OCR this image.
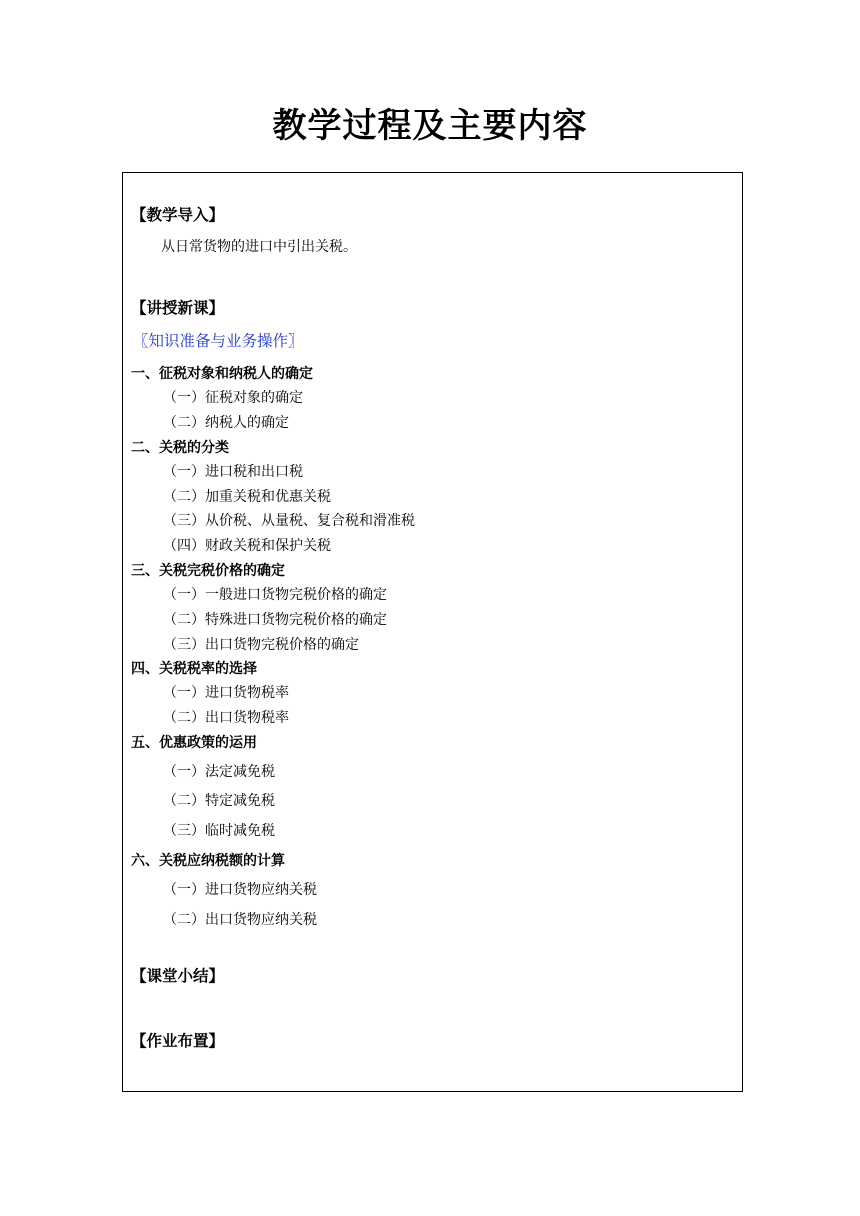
教学过程及主要内容
【教学导入】
从日常货物的进口中引出关税。
【讲授新课】
〖知识准备与业务操作〗
一、征税对象和纳税人的确定
（一）征税对象的确定
（二）纳税人的确定
二、关税的分类
（一）进口税和出口税
（二）加重关税和优惠关税
（三）从价税、从量税、复合税和滑准税
（四）财政关税和保护关税
三、关税完税价格的确定
（一）一般进口货物完税价格的确定
（二）特殊进口货物完税价格的确定
（三）出口货物完税价格的确定
四、关税税率的选择
（一）进口货物税率
（二）出口货物税率
五、优惠政策的运用
（一）法定减免税
（二）特定减免税
（三）临时减免税
六、关税应纳税额的计算
（一）进口货物应纳关税
（二）出口货物应纳关税
【课堂小结】
【作业布置】
